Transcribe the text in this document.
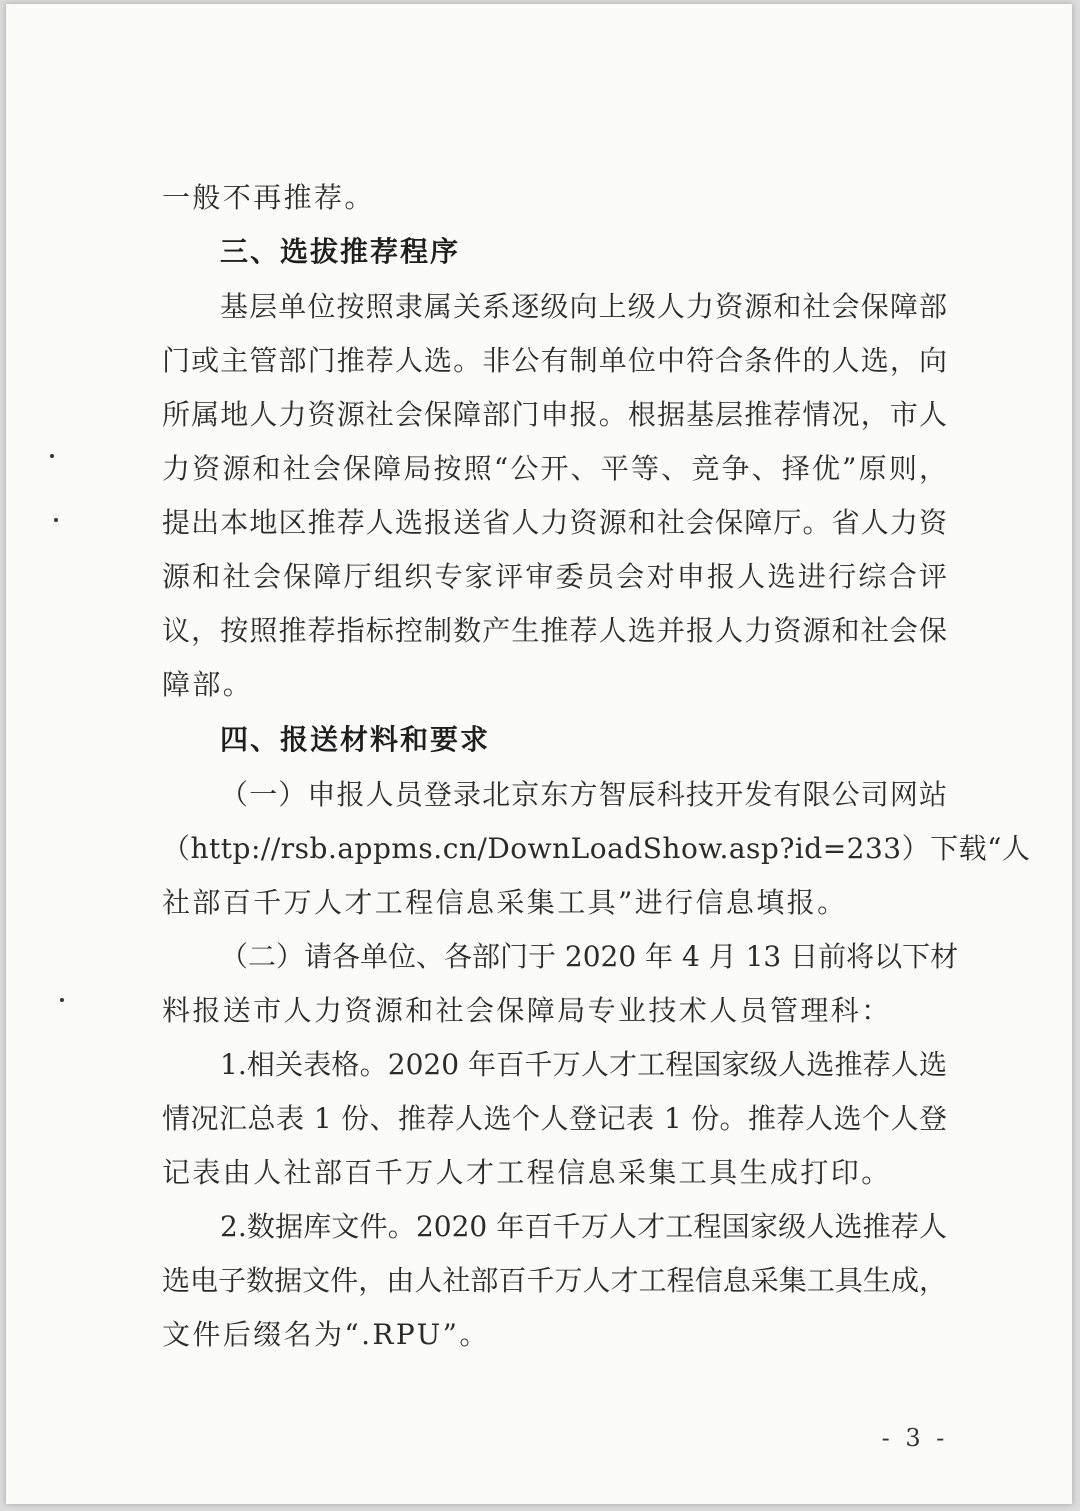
一般不再推荐。
三、选拔推荐程序
基层单位按照隶属关系逐级向上级人力资源和社会保障部
门或主管部门推荐人选。非公有制单位中符合条件的人选，向
所属地人力资源社会保障部门申报。根据基层推荐情况，市人
力资源和社会保障局按照“公开、平等、竞争、择优”原则，
提出本地区推荐人选报送省人力资源和社会保障厅。省人力资
源和社会保障厅组织专家评审委员会对申报人选进行综合评
议，按照推荐指标控制数产生推荐人选并报人力资源和社会保
障部。
四、报送材料和要求
（一）申报人员登录北京东方智辰科技开发有限公司网站
（http://rsb.appms.cn/DownLoadShow.asp?id=233）下载“人
社部百千万人才工程信息采集工具”进行信息填报。
（二）请各单位、各部门于 2020 年 4 月 13 日前将以下材
料报送市人力资源和社会保障局专业技术人员管理科：
1.相关表格。2020 年百千万人才工程国家级人选推荐人选
情况汇总表 1 份、推荐人选个人登记表 1 份。推荐人选个人登
记表由人社部百千万人才工程信息采集工具生成打印。
2.数据库文件。2020 年百千万人才工程国家级人选推荐人
选电子数据文件，由人社部百千万人才工程信息采集工具生成，
文件后缀名为“.RPU”。
- 3 -
